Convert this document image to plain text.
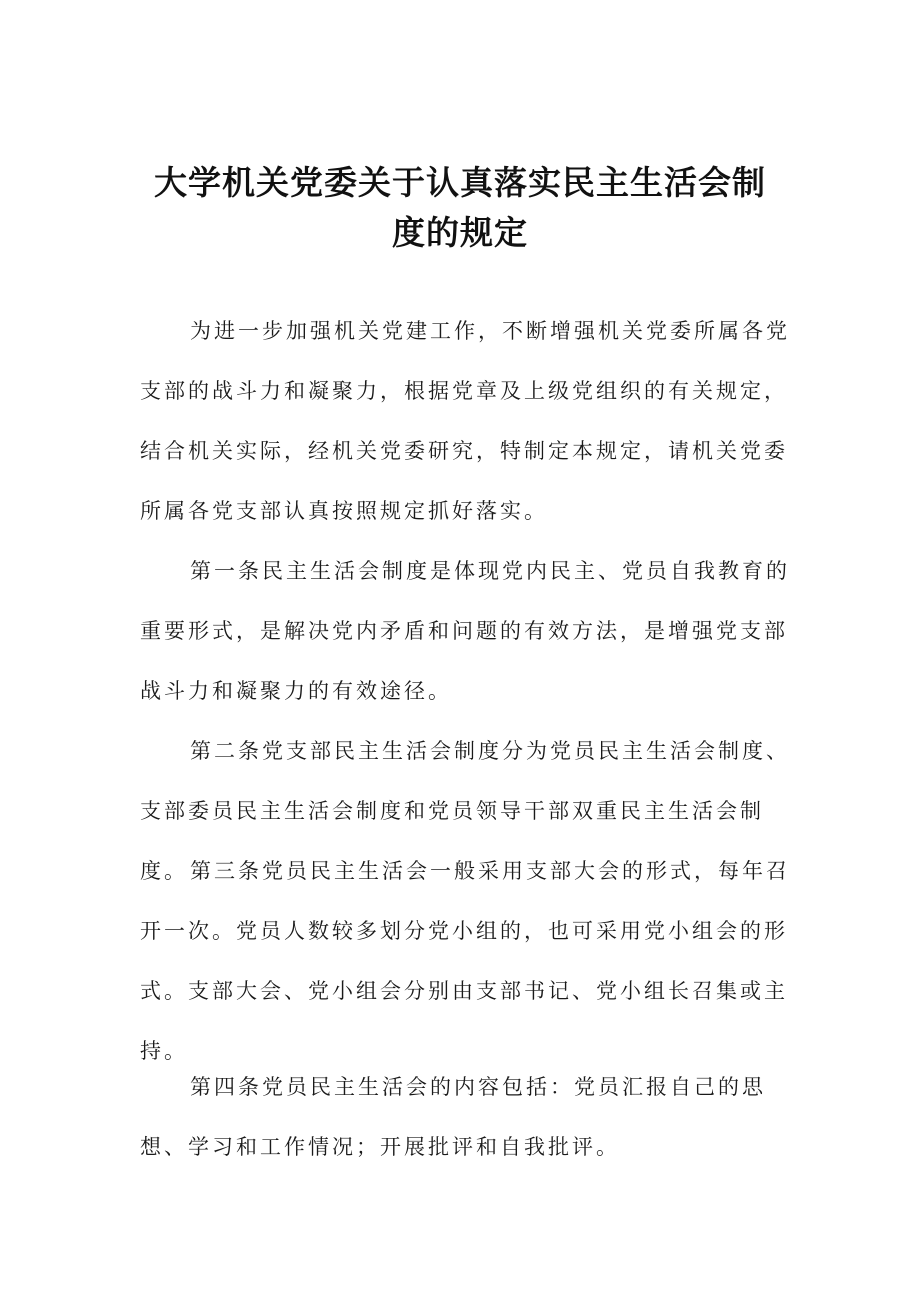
大学机关党委关于认真落实民主生活会制
度的规定

为进一步加强机关党建工作，不断增强机关党委所属各党支部的战斗力和凝聚力，根据党章及上级党组织的有关规定，结合机关实际，经机关党委研究，特制定本规定，请机关党委所属各党支部认真按照规定抓好落实。

第一条民主生活会制度是体现党内民主、党员自我教育的重要形式，是解决党内矛盾和问题的有效方法，是增强党支部战斗力和凝聚力的有效途径。

第二条党支部民主生活会制度分为党员民主生活会制度、支部委员民主生活会制度和党员领导干部双重民主生活会制度。 第三条党员民主生活会一般采用支部大会的形式，每年召开一次。党员人数较多划分党小组的，也可采用党小组会的形式。支部大会、党小组会分别由支部书记、党小组长召集或主持。

第四条党员民主生活会的内容包括：党员汇报自己的思想、学习和工作情况；开展批评和自我批评。
